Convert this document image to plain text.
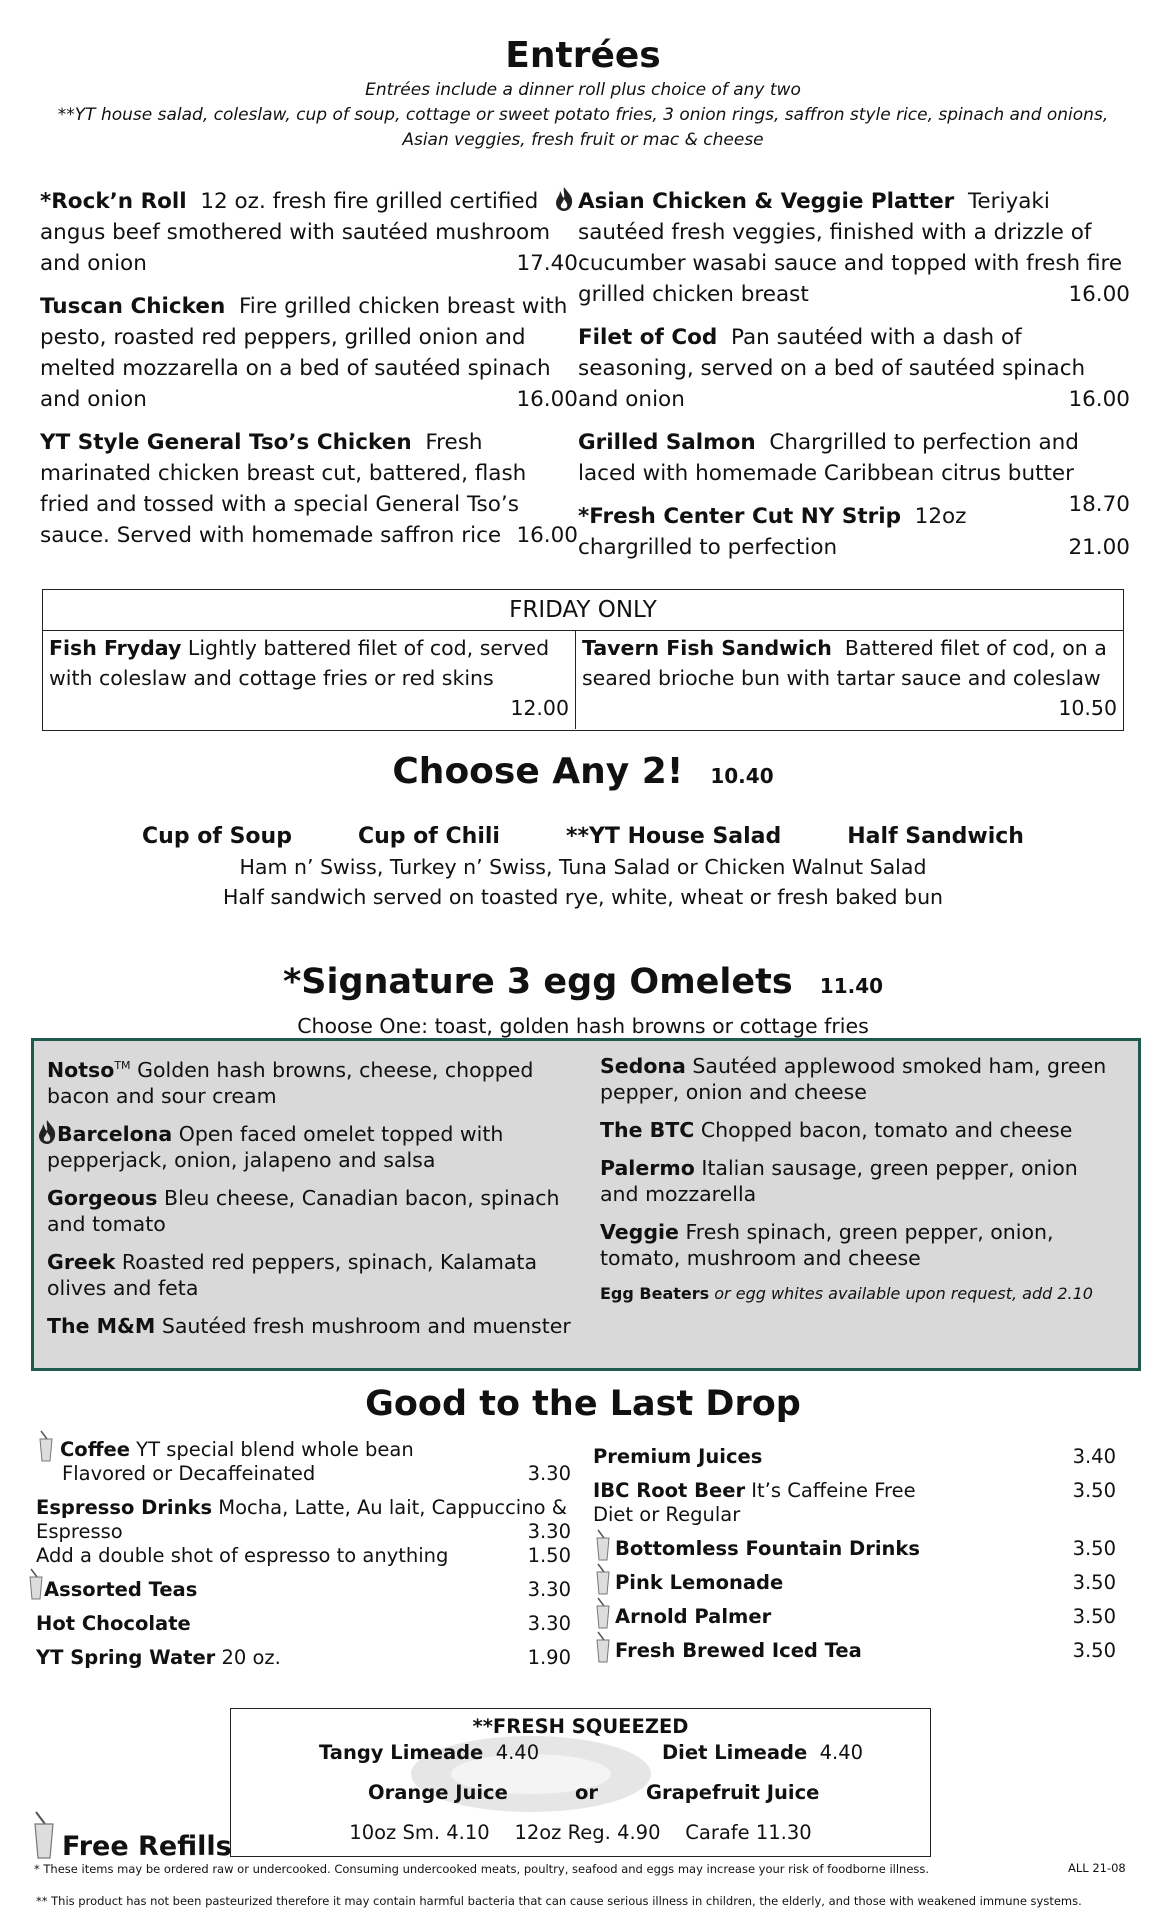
Entrées
Entrées include a dinner roll plus choice of any two
**YT house salad, coleslaw, cup of soup, cottage or sweet potato fries, 3 onion rings, saffron style rice, spinach and onions,
Asian veggies, fresh fruit or mac & cheese
*Rock’n Roll 12 oz. fresh fire grilled certified angus beef smothered with sautéed mushroom and onion	17.40
Tuscan Chicken Fire grilled chicken breast with pesto, roasted red peppers, grilled onion and melted mozzarella on a bed of sautéed spinach and onion	16.00
YT Style General Tso’s Chicken Fresh marinated chicken breast cut, battered, flash fried and tossed with a special General Tso’s sauce. Served with homemade saffron rice 16.00
Asian Chicken & Veggie Platter Teriyaki sautéed fresh veggies, finished with a drizzle of cucumber wasabi sauce and topped with fresh fire grilled chicken breast	16.00
Filet of Cod Pan sautéed with a dash of seasoning, served on a bed of sautéed spinach and onion	16.00
Grilled Salmon Chargrilled to perfection and laced with homemade Caribbean citrus butter
18.70
*Fresh Center Cut NY Strip 12oz chargrilled to perfection	21.00
FRIDAY ONLY
Fish Fryday Lightly battered filet of cod, served with coleslaw and cottage fries or red skins
12.00
Tavern Fish Sandwich Battered filet of cod, on a seared brioche bun with tartar sauce and coleslaw
10.50
Choose Any 2! 10.40
Cup of Soup	Cup of Chili	**YT House Salad	Half Sandwich
Ham n’ Swiss, Turkey n’ Swiss, Tuna Salad or Chicken Walnut Salad
Half sandwich served on toasted rye, white, wheat or fresh baked bun
*Signature 3 egg Omelets 11.40
Choose One: toast, golden hash browns or cottage fries
Notso™ Golden hash browns, cheese, chopped bacon and sour cream
Barcelona Open faced omelet topped with pepperjack, onion, jalapeno and salsa
Gorgeous Bleu cheese, Canadian bacon, spinach and tomato
Greek Roasted red peppers, spinach, Kalamata olives and feta
The M&M Sautéed fresh mushroom and muenster
Sedona Sautéed applewood smoked ham, green pepper, onion and cheese
The BTC Chopped bacon, tomato and cheese
Palermo Italian sausage, green pepper, onion and mozzarella
Veggie Fresh spinach, green pepper, onion, tomato, mushroom and cheese
Egg Beaters or egg whites available upon request, add 2.10
Good to the Last Drop
Coffee YT special blend whole bean
Flavored or Decaffeinated	3.30
Espresso Drinks Mocha, Latte, Au lait, Cappuccino &
Espresso	3.30
Add a double shot of espresso to anything	1.50
Assorted Teas	3.30
Hot Chocolate	3.30
YT Spring Water 20 oz.	1.90
Premium Juices	3.40
IBC Root Beer It’s Caffeine Free	3.50
Diet or Regular
Bottomless Fountain Drinks	3.50
Pink Lemonade	3.50
Arnold Palmer	3.50
Fresh Brewed Iced Tea	3.50
**FRESH SQUEEZED
Tangy Limeade 4.40	Diet Limeade 4.40
Orange Juice	or Grapefruit Juice
10oz Sm. 4.10    12oz Reg. 4.90    Carafe 11.30
Free Refills
* These items may be ordered raw or undercooked. Consuming undercooked meats, poultry, seafood and eggs may increase your risk of foodborne illness.	ALL 21-08
** This product has not been pasteurized therefore it may contain harmful bacteria that can cause serious illness in children, the elderly, and those with weakened immune systems.
